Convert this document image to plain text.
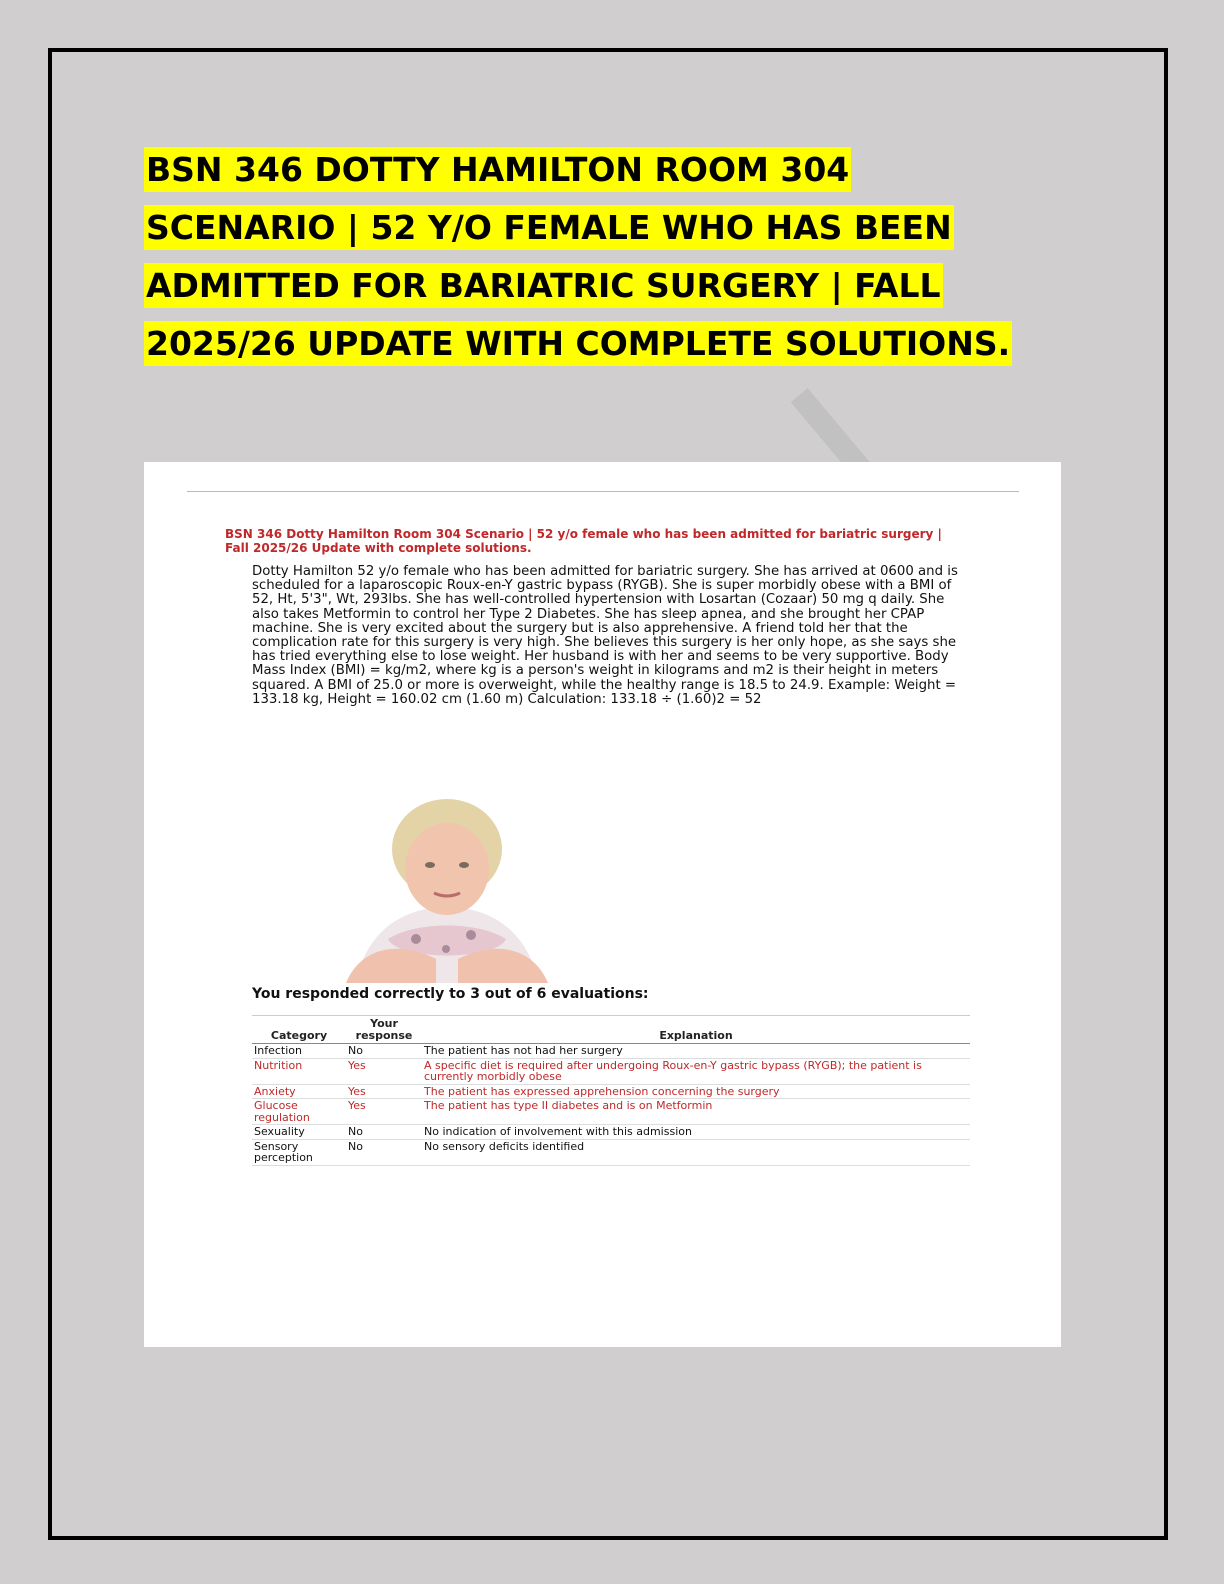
BSN 346 DOTTY HAMILTON ROOM 304
SCENARIO | 52 Y/O FEMALE WHO HAS BEEN
ADMITTED FOR BARIATRIC SURGERY | FALL
2025/26 UPDATE WITH COMPLETE SOLUTIONS.
BSN 346 Dotty Hamilton Room 304 Scenario | 52 y/o female who has been admitted for bariatric surgery | Fall 2025/26 Update with complete solutions.
Dotty Hamilton 52 y/o female who has been admitted for bariatric surgery. She has arrived at 0600 and is scheduled for a laparoscopic Roux-en-Y gastric bypass (RYGB). She is super morbidly obese with a BMI of 52, Ht, 5'3", Wt, 293lbs. She has well-controlled hypertension with Losartan (Cozaar) 50 mg q daily. She also takes Metformin to control her Type 2 Diabetes. She has sleep apnea, and she brought her CPAP machine. She is very excited about the surgery but is also apprehensive. A friend told her that the complication rate for this surgery is very high. She believes this surgery is her only hope, as she says she has tried everything else to lose weight. Her husband is with her and seems to be very supportive. Body Mass Index (BMI) = kg/m2, where kg is a person's weight in kilograms and m2 is their height in meters squared. A BMI of 25.0 or more is overweight, while the healthy range is 18.5 to 24.9. Example: Weight = 133.18 kg, Height = 160.02 cm (1.60 m) Calculation: 133.18 ÷ (1.60)2 = 52
You responded correctly to 3 out of 6 evaluations:
Category	Your response	Explanation
Infection	No	The patient has not had her surgery
Nutrition	Yes	A specific diet is required after undergoing Roux-en-Y gastric bypass (RYGB); the patient is currently morbidly obese
Anxiety	Yes	The patient has expressed apprehension concerning the surgery
Glucose regulation	Yes	The patient has type II diabetes and is on Metformin
Sexuality	No	No indication of involvement with this admission
Sensory perception	No	No sensory deficits identified
